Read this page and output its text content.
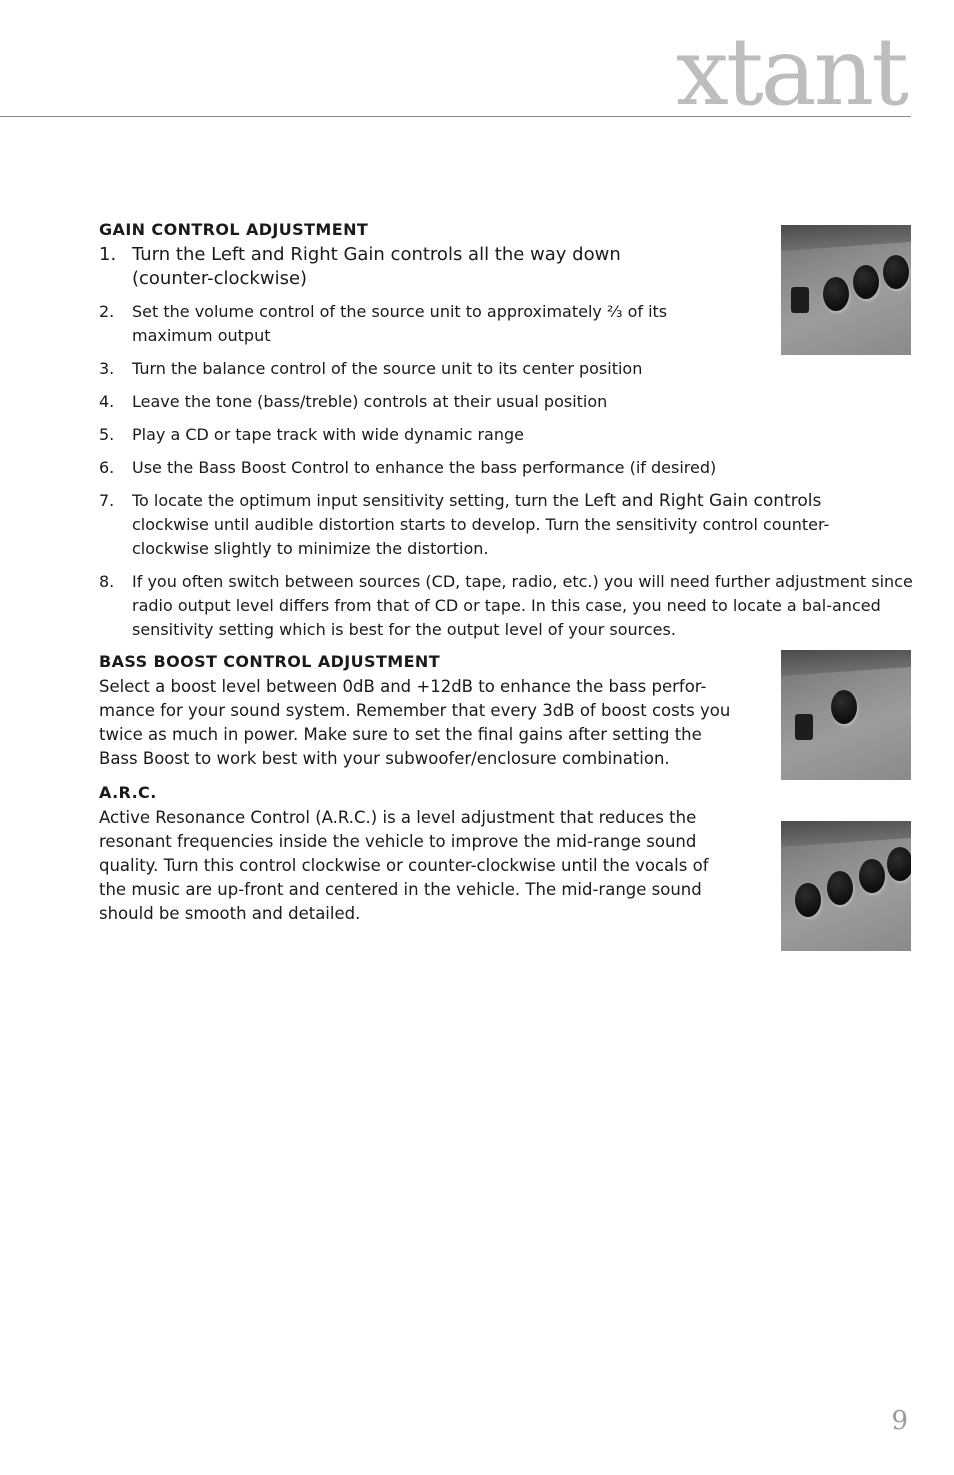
xtant
GAIN CONTROL ADJUSTMENT
1. Turn the Left and Right Gain controls all the way down (counter-clockwise)
2. Set the volume control of the source unit to approximately ⅔ of its maximum output
3. Turn the balance control of the source unit to its center position
4. Leave the tone (bass/treble) controls at their usual position
5. Play a CD or tape track with wide dynamic range
6. Use the Bass Boost Control to enhance the bass performance (if desired)
7. To locate the optimum input sensitivity setting, turn the Left and Right Gain controls clockwise until audible distortion starts to develop. Turn the sensitivity control counter-clockwise slightly to minimize the distortion.
8. If you often switch between sources (CD, tape, radio, etc.) you will need further adjustment since radio output level differs from that of CD or tape. In this case, you need to locate a bal-anced sensitivity setting which is best for the output level of your sources.
BASS BOOST CONTROL ADJUSTMENT

Select a boost level between 0dB and +12dB to enhance the bass perfor-mance for your sound system. Remember that every 3dB of boost costs you twice as much in power. Make sure to set the final gains after setting the Bass Boost to work best with your subwoofer/enclosure combination.

A.R.C.

Active Resonance Control (A.R.C.) is a level adjustment that reduces the resonant frequencies inside the vehicle to improve the mid-range sound quality. Turn this control clockwise or counter-clockwise until the vocals of the music are up-front and centered in the vehicle. The mid-range sound should be smooth and detailed.

9
